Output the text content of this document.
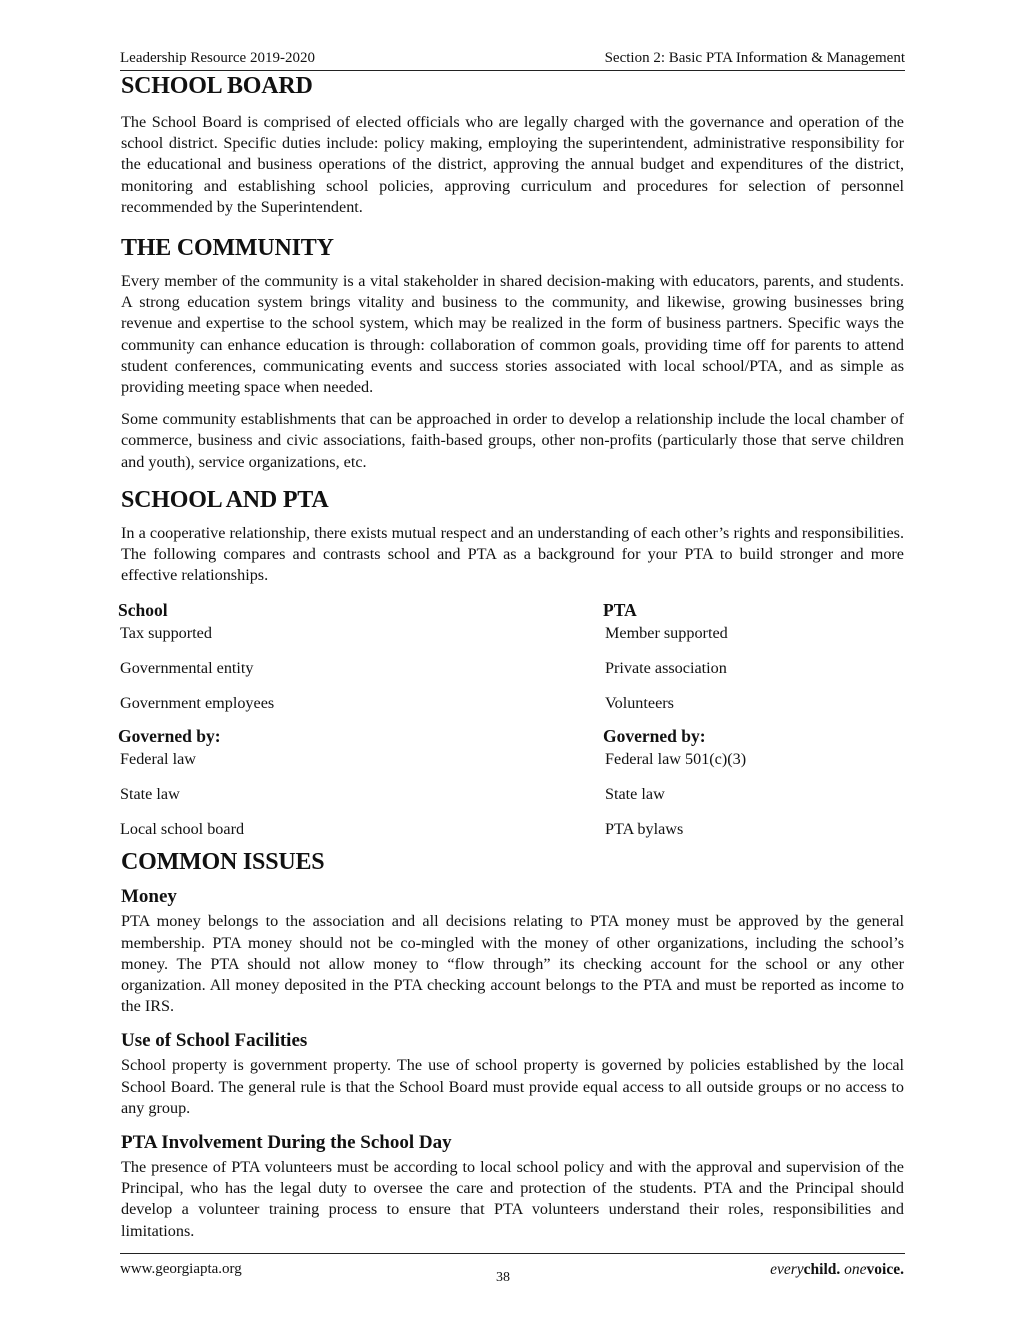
Leadership Resource 2019-2020	Section 2: Basic PTA Information & Management
SCHOOL BOARD

The School Board is comprised of elected officials who are legally charged with the governance and operation of the school district. Specific duties include: policy making, employing the superintendent, administrative responsibility for the educational and business operations of the district, approving the annual budget and expenditures of the district, monitoring and establishing school policies, approving curriculum and procedures for selection of personnel recommended by the Superintendent.

THE COMMUNITY

Every member of the community is a vital stakeholder in shared decision-making with educators, parents, and students. A strong education system brings vitality and business to the community, and likewise, growing businesses bring revenue and expertise to the school system, which may be realized in the form of business partners. Specific ways the community can enhance education is through: collaboration of common goals, providing time off for parents to attend student conferences, communicating events and success stories associated with local school/PTA, and as simple as providing meeting space when needed.

Some community establishments that can be approached in order to develop a relationship include the local chamber of commerce, business and civic associations, faith-based groups, other non-profits (particularly those that serve children and youth), service organizations, etc.

SCHOOL AND PTA

In a cooperative relationship, there exists mutual respect and an understanding of each other’s rights and responsibilities. The following compares and contrasts school and PTA as a background for your PTA to build stronger and more effective relationships.

School
Tax supported
Governmental entity
Government employees
Governed by:
Federal law
State law
Local school board
PTA
Member supported
Private association
Volunteers
Governed by:
Federal law 501(c)(3)
State law
PTA bylaws
COMMON ISSUES
Money

PTA money belongs to the association and all decisions relating to PTA money must be approved by the general membership. PTA money should not be co-mingled with the money of other organizations, including the school’s money. The PTA should not allow money to “flow through” its checking account for the school or any other organization. All money deposited in the PTA checking account belongs to the PTA and must be reported as income to the IRS.

Use of School Facilities

School property is government property. The use of school property is governed by policies established by the local School Board. The general rule is that the School Board must provide equal access to all outside groups or no access to any group.

PTA Involvement During the School Day

The presence of PTA volunteers must be according to local school policy and with the approval and supervision of the Principal, who has the legal duty to oversee the care and protection of the students. PTA and the Principal should develop a volunteer training process to ensure that PTA volunteers understand their roles, responsibilities and limitations.

www.georgiapta.org
38	everychild. onevoice.
